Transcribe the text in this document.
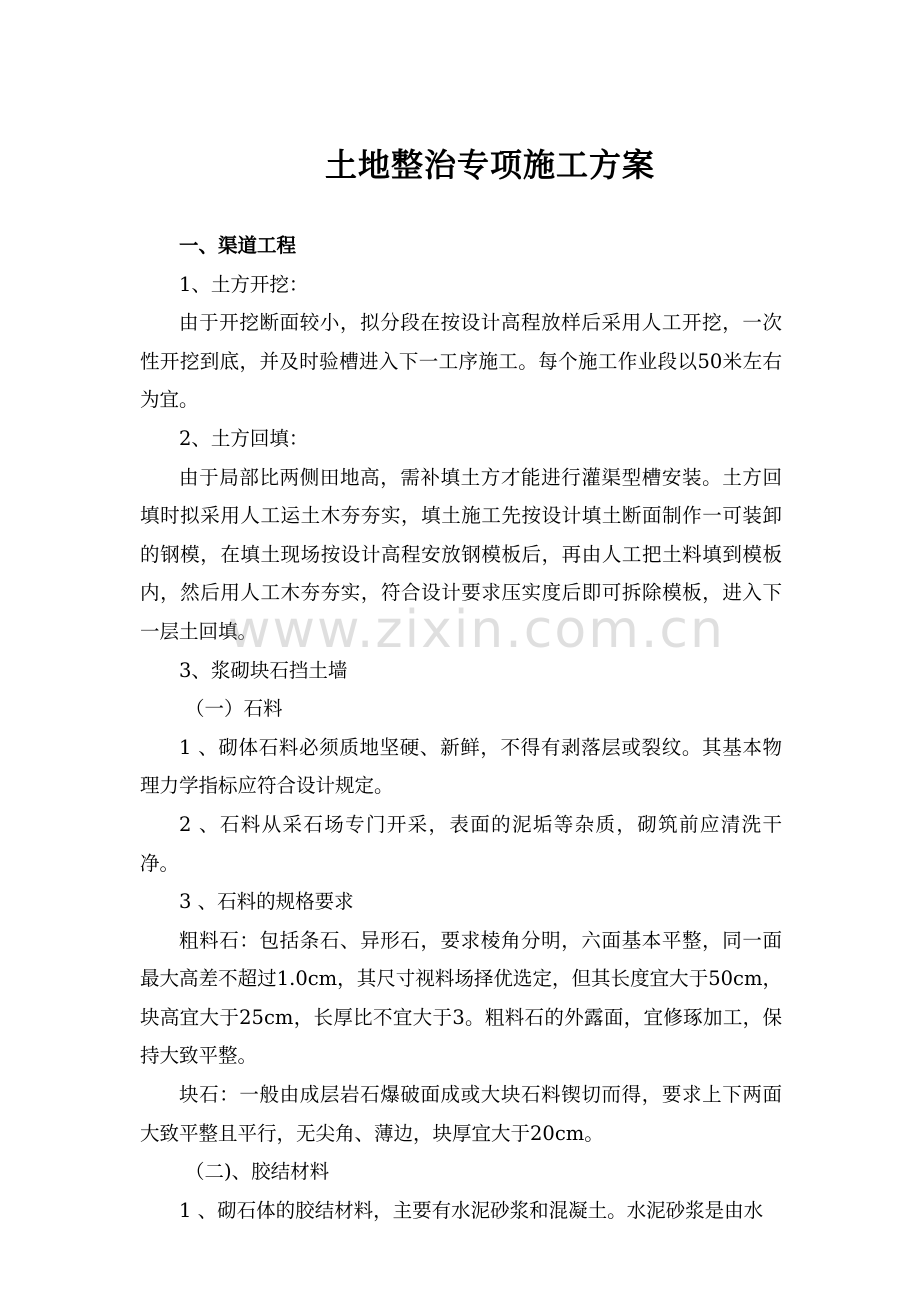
土地整治专项施工方案

一、渠道工程

1、土方开挖：

由于开挖断面较小，拟分段在按设计高程放样后采用人工开挖，一次性开挖到底，并及时验槽进入下一工序施工。每个施工作业段以50米左右为宜。

2、土方回填：

由于局部比两侧田地高，需补填土方才能进行灌渠型槽安装。土方回填时拟采用人工运土木夯夯实，填土施工先按设计填土断面制作一可装卸的钢模，在填土现场按设计高程安放钢模板后，再由人工把土料填到模板内，然后用人工木夯夯实，符合设计要求压实度后即可拆除模板，进入下一层土回填。

3、浆砌块石挡土墙

（一）石料

1 、砌体石料必须质地坚硬、新鲜，不得有剥落层或裂纹。其基本物理力学指标应符合设计规定。

2 、石料从采石场专门开采，表面的泥垢等杂质，砌筑前应清洗干净。

3 、石料的规格要求

粗料石：包括条石、异形石，要求棱角分明，六面基本平整，同一面最大高差不超过1.0cm，其尺寸视料场择优选定，但其长度宜大于50cm，块高宜大于25cm，长厚比不宜大于3。粗料石的外露面，宜修琢加工，保持大致平整。

块石：一般由成层岩石爆破面成或大块石料锲切而得，要求上下两面大致平整且平行，无尖角、薄边，块厚宜大于20cm。

（二)、胶结材料

1 、砌石体的胶结材料，主要有水泥砂浆和混凝土。水泥砂浆是由水

www.zixin.com.cn
